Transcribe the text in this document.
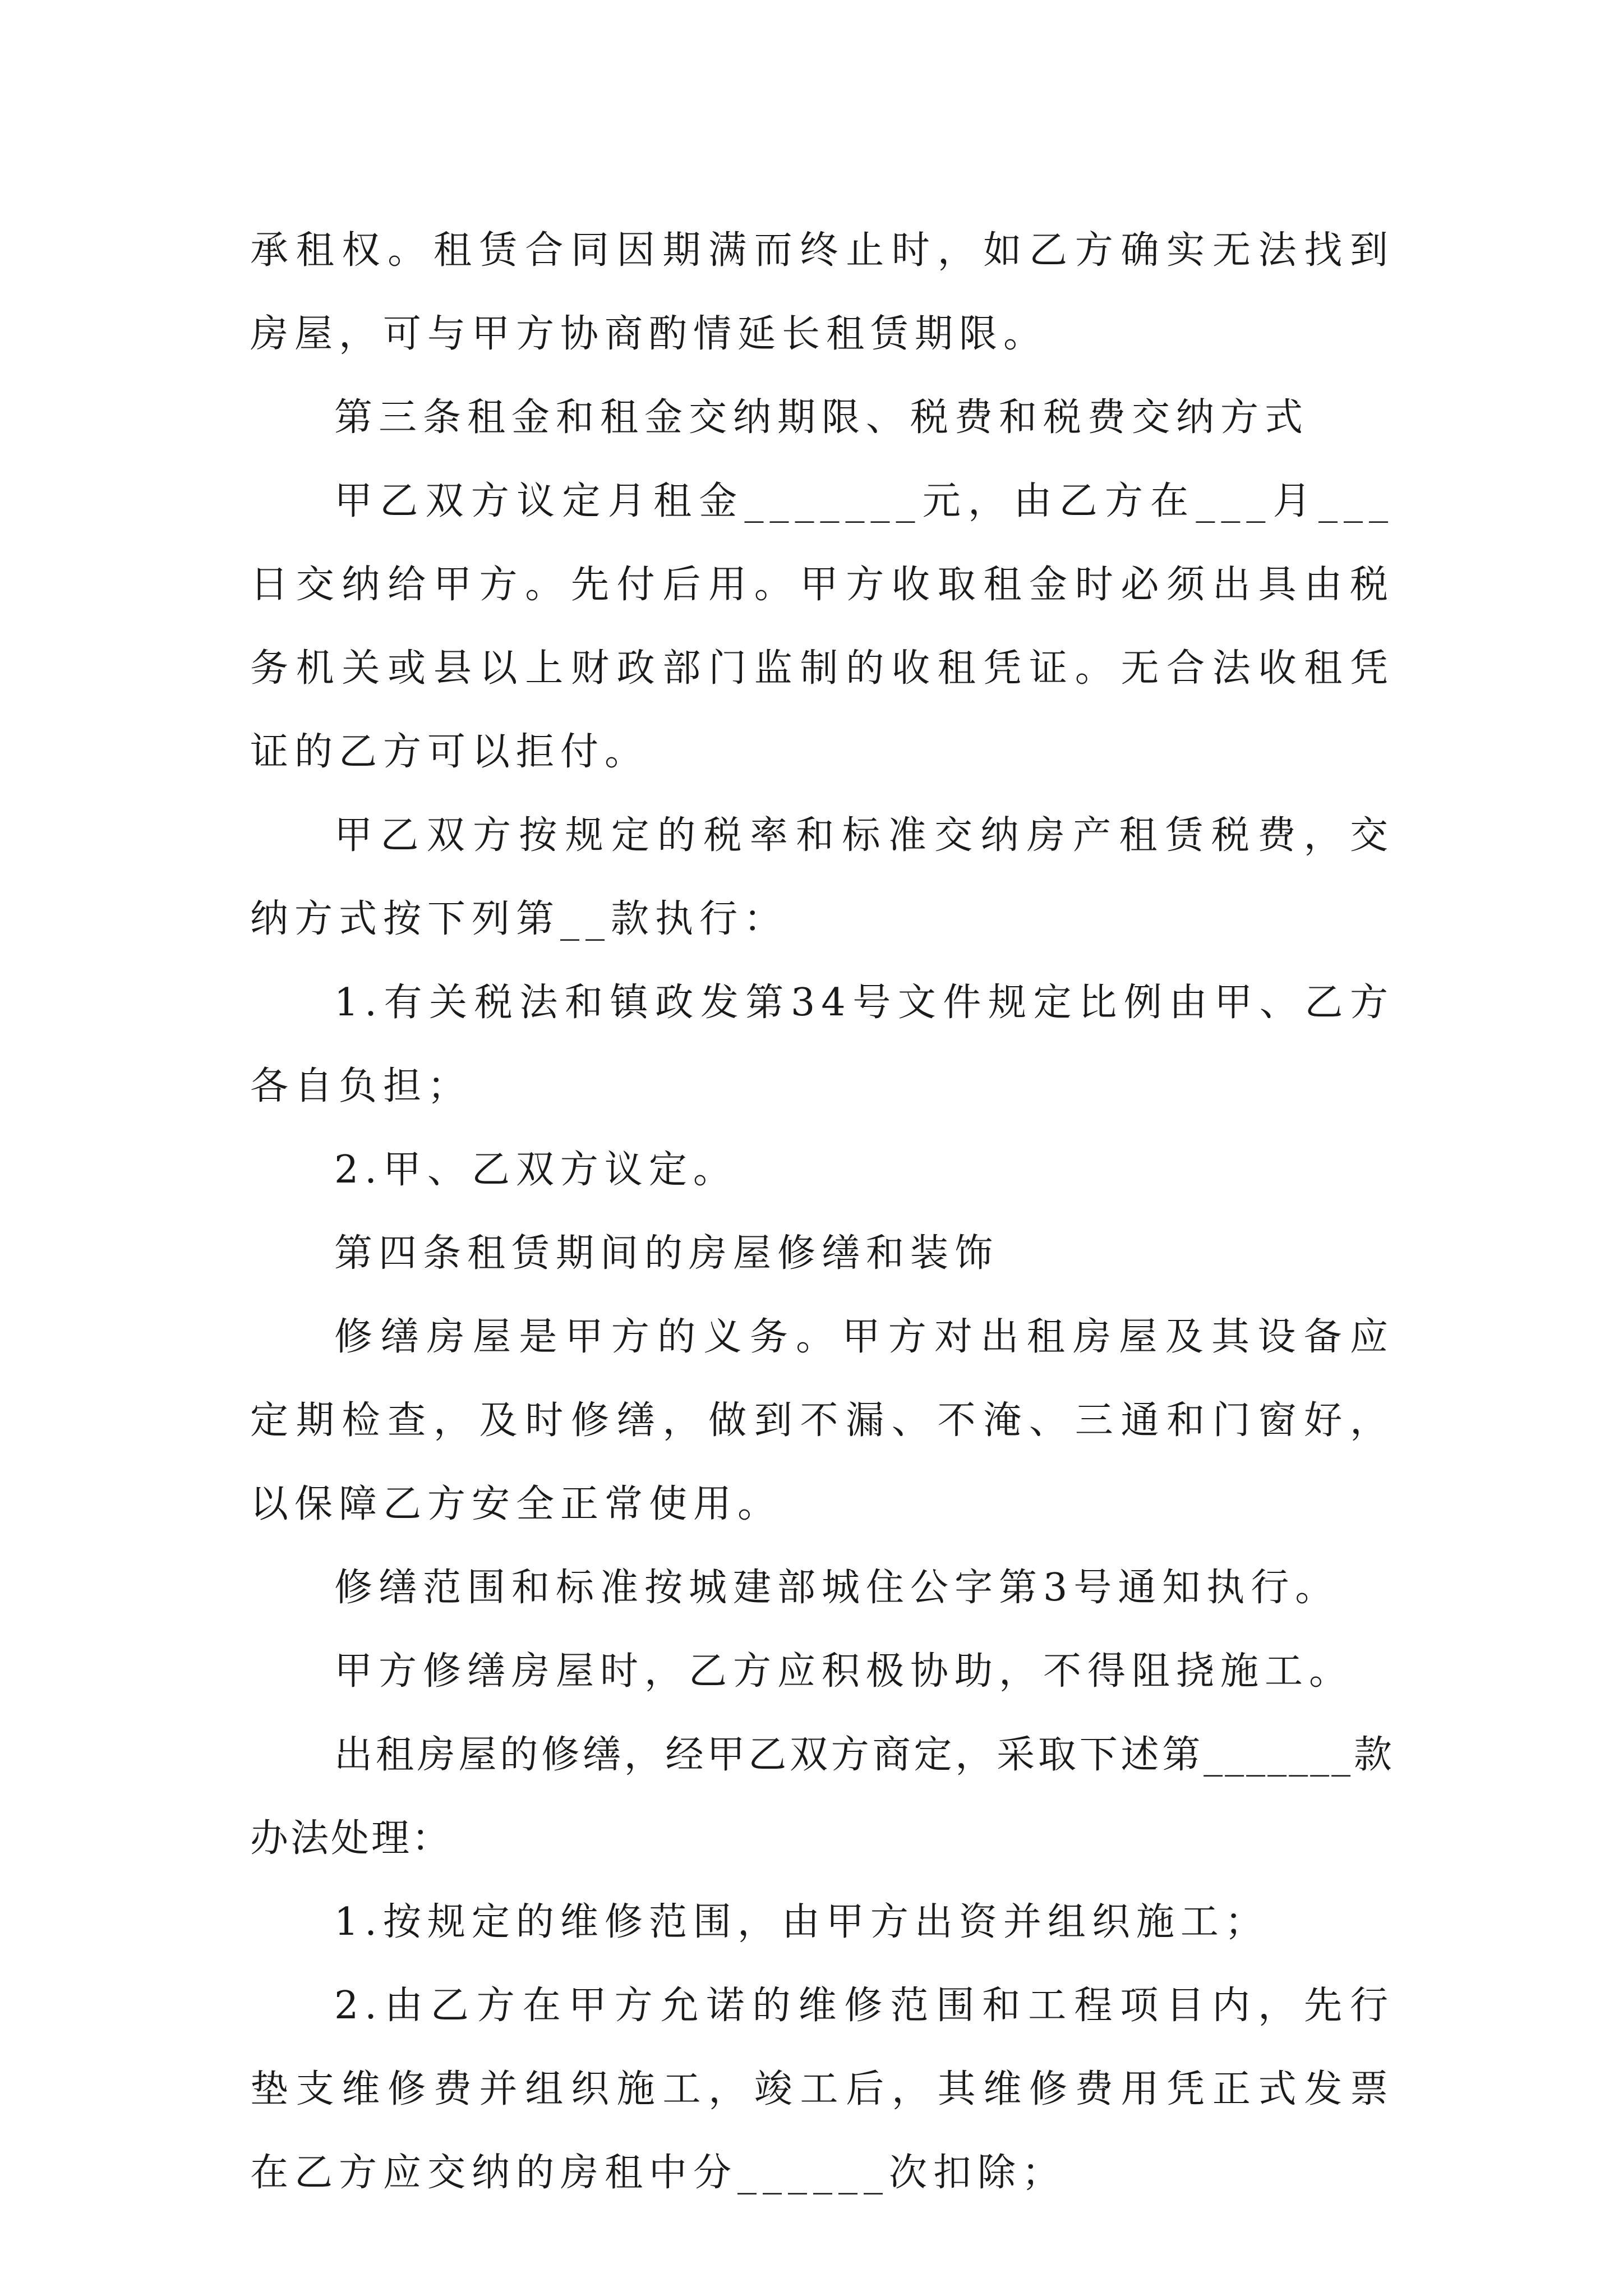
承租权。租赁合同因期满而终止时，如乙方确实无法找到房屋，可与甲方协商酌情延长租赁期限。

第三条租金和租金交纳期限、税费和税费交纳方式

甲乙双方议定月租金_______元，由乙方在___月___日交纳给甲方。先付后用。甲方收取租金时必须出具由税务机关或县以上财政部门监制的收租凭证。无合法收租凭证的乙方可以拒付。

甲乙双方按规定的税率和标准交纳房产租赁税费，交纳方式按下列第__款执行：

1.有关税法和镇政发第34号文件规定比例由甲、乙方各自负担；

2.甲、乙双方议定。

第四条租赁期间的房屋修缮和装饰

修缮房屋是甲方的义务。甲方对出租房屋及其设备应定期检查，及时修缮，做到不漏、不淹、三通和门窗好，以保障乙方安全正常使用。

修缮范围和标准按城建部城住公字第3号通知执行。

甲方修缮房屋时，乙方应积极协助，不得阻挠施工。

出租房屋的修缮，经甲乙双方商定，采取下述第_______款办法处理：

1.按规定的维修范围，由甲方出资并组织施工；

2.由乙方在甲方允诺的维修范围和工程项目内，先行垫支维修费并组织施工，竣工后，其维修费用凭正式发票在乙方应交纳的房租中分______次扣除；
